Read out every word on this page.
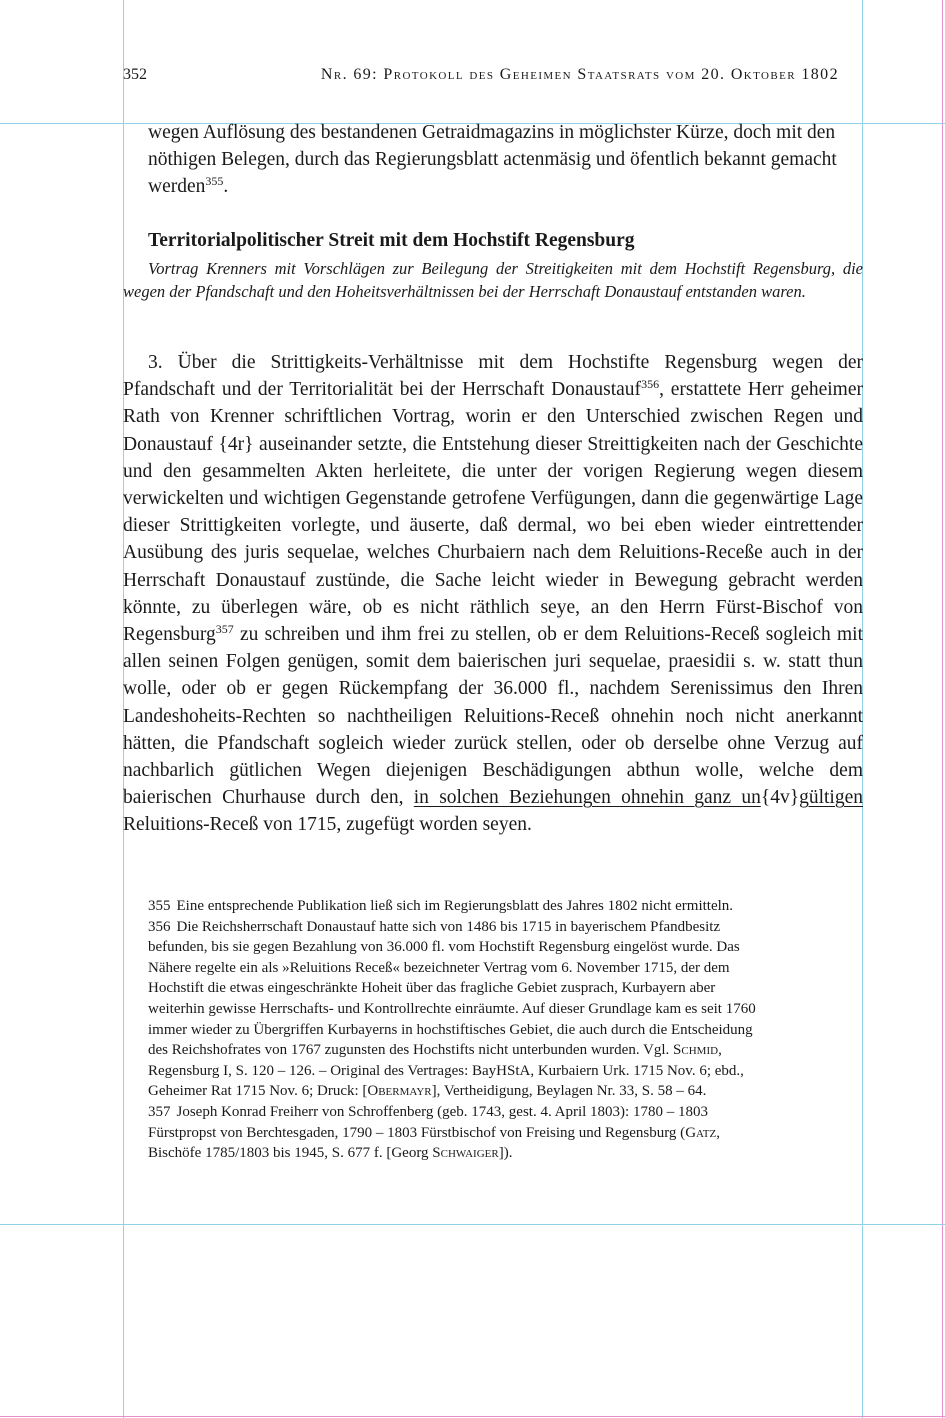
352	Nr. 69: Protokoll des Geheimen Staatsrats vom 20. Oktober 1802

wegen Auflösung des bestandenen Getraidmagazins in möglichster Kürze, doch mit den nöthigen Belegen, durch das Regierungsblatt actenmäsig und öfentlich bekannt gemacht werden$^{355}$.

Territorialpolitischer Streit mit dem Hochstift Regensburg

Vortrag Krenners mit Vorschlägen zur Beilegung der Streitigkeiten mit dem Hochstift Regensburg, die wegen der Pfandschaft und den Hoheitsverhältnissen bei der Herrschaft Donaustauf entstanden waren.

3. Über die Strittigkeits-Verhältnisse mit dem Hochstifte Regensburg wegen der Pfandschaft und der Territorialität bei der Herrschaft Donaustauf$^{356}$, erstattete Herr geheimer Rath von Krenner schriftlichen Vortrag, worin er den Unterschied zwischen Regen und Donaustauf {4r} auseinander setzte, die Entstehung dieser Streittigkeiten nach der Geschichte und den gesammelten Akten herleitete, die unter der vorigen Regierung wegen diesem verwickelten und wichtigen Gegenstande getrofene Verfügungen, dann die gegenwärtige Lage dieser Strittigkeiten vorlegte, und äuserte, daß dermal, wo bei eben wieder eintrettender Ausübung des juris sequelae, welches Churbaiern nach dem Reluitions-Receße auch in der Herrschaft Donaustauf zustünde, die Sache leicht wieder in Bewegung gebracht werden könnte, zu überlegen wäre, ob es nicht räthlich seye, an den Herrn Fürst-Bischof von Regensburg$^{357}$ zu schreiben und ihm frei zu stellen, ob er dem Reluitions-Receß sogleich mit allen seinen Folgen genügen, somit dem baierischen juri sequelae, praesidii s. w. statt thun wolle, oder ob er gegen Rückempfang der 36.000 fl., nachdem Serenissimus den Ihren Landeshoheits-Rechten so nachtheiligen Reluitions-Receß ohnehin noch nicht anerkannt hätten, die Pfandschaft sogleich wieder zurück stellen, oder ob derselbe ohne Verzug auf nachbarlich gütlichen Wegen diejenigen Beschädigungen abthun wolle, welche dem baierischen Churhause durch den, in solchen Beziehungen ohnehin ganz un{4v}gültigen Reluitions-Receß von 1715, zugefügt worden seyen.

355 Eine entsprechende Publikation ließ sich im Regierungsblatt des Jahres 1802 nicht ermitteln.

356 Die Reichsherrschaft Donaustauf hatte sich von 1486 bis 1715 in bayerischem Pfandbesitz befunden, bis sie gegen Bezahlung von 36.000 fl. vom Hochstift Regensburg eingelöst wurde. Das Nähere regelte ein als »Reluitions Receß« bezeichneter Vertrag vom 6. November 1715, der dem Hochstift die etwas eingeschränkte Hoheit über das fragliche Gebiet zusprach, Kurbayern aber weiterhin gewisse Herrschafts- und Kontrollrechte einräumte. Auf dieser Grundlage kam es seit 1760 immer wieder zu Übergriffen Kurbayerns in hochstiftisches Gebiet, die auch durch die Entscheidung des Reichshofrates von 1767 zugunsten des Hochstifts nicht unterbunden wurden. Vgl. Schmid, Regensburg I, S. 120 – 126. – Original des Vertrages: BayHStA, Kurbaiern Urk. 1715 Nov. 6; ebd., Geheimer Rat 1715 Nov. 6; Druck: [Obermayr], Vertheidigung, Beylagen Nr. 33, S. 58 – 64.

357 Joseph Konrad Freiherr von Schroffenberg (geb. 1743, gest. 4. April 1803): 1780 – 1803 Fürstpropst von Berchtesgaden, 1790 – 1803 Fürstbischof von Freising und Regensburg (Gatz, Bischöfe 1785/1803 bis 1945, S. 677 f. [Georg Schwaiger]).
